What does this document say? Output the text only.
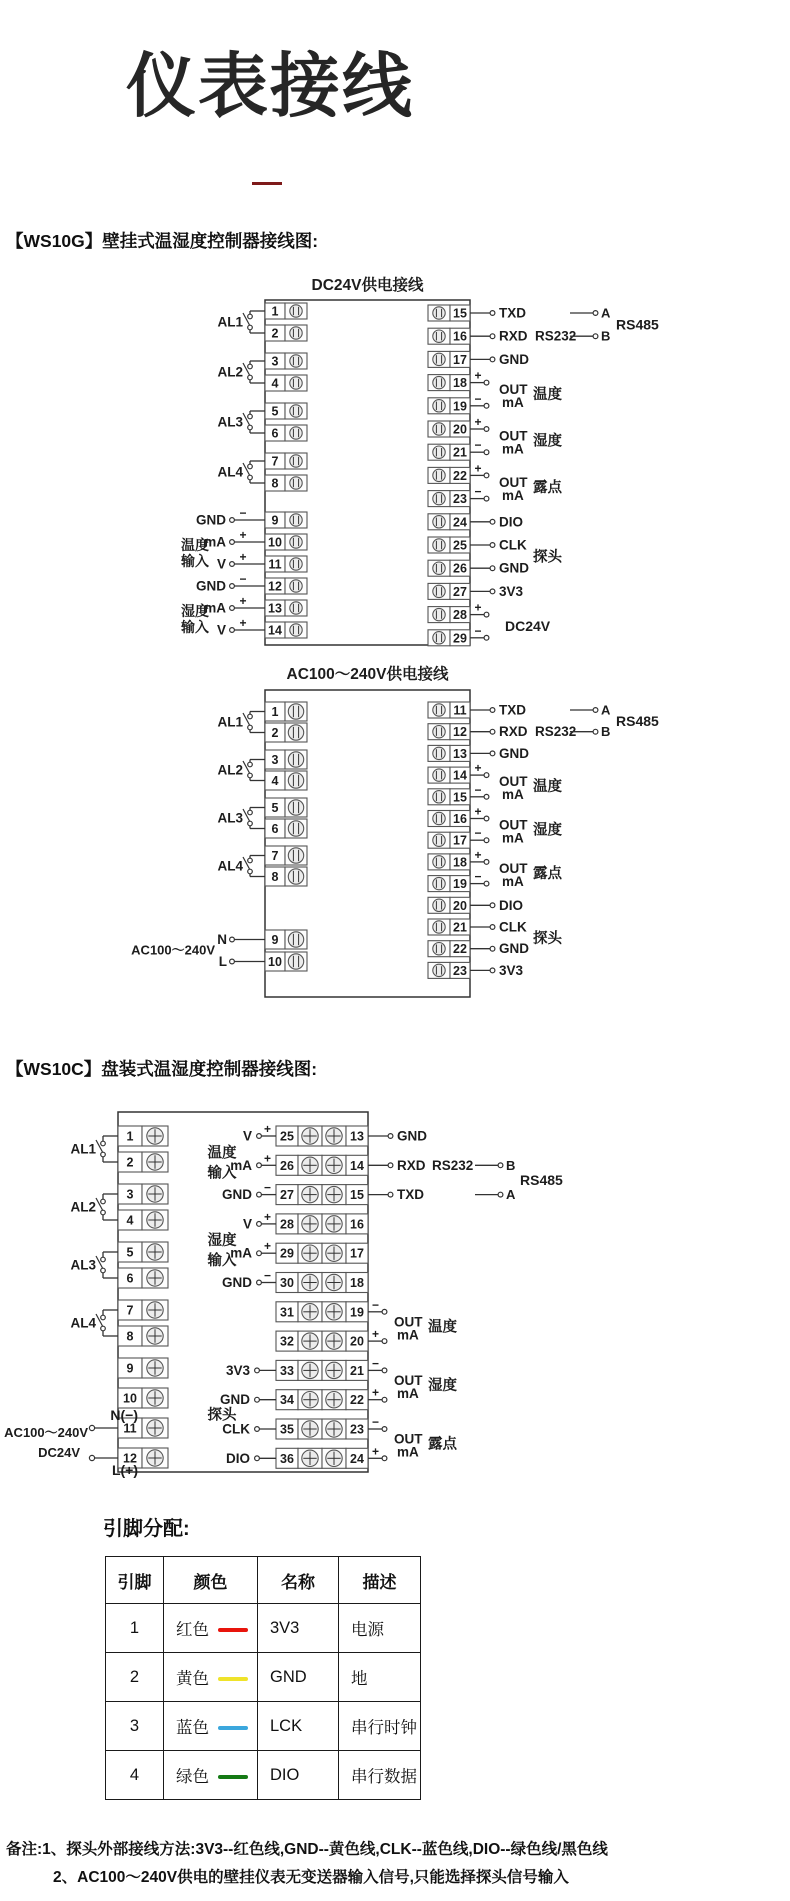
仪表接线
【WS10G】壁挂式温湿度控制器接线图:
DC24V供电接线
1
2
3
4
5
6
7
8
9
10
11
12
13
14
15
16
17
18
19
20
21
22
23
24
25
26
27
28
29
AL1
AL2
AL3
AL4
GND −
mA +
V +
温度
输入
GND −
mA +
V +
湿度
输入
TXD
RXD
GND
DIO
CLK
GND
3V3
+
−
+
−
+
−
+
−
OUT
mA 温度
OUT
mA 湿度
OUT
mA 露点
RS232
A
B
RS485
探头
DC24V
AC100～240V供电接线
1
2
3
4
5
6
7
8
9
10
11
12
13
14
15
16
17
18
19
20
21
22
23
AL1
AL2
AL3
AL4
N
L
AC100～240V
TXD
RXD
GND
DIO
CLK
GND
3V3
+
−
+
−
+
−
OUT
mA 温度
OUT
mA 湿度
OUT
mA 露点
RS232
A
B
RS485
探头
【WS10C】盘装式温湿度控制器接线图:
1
2
3
4
5
6
7
8
9
10
11
12
25	13
26	14
27	15
28	16
29	17
30	18
31	19
32	20
33	21
34	22
35	23
36	24
AL1
AL2
AL3
AL4
N(−)
L(+)
AC100～240V
DC24V
V +
mA +
GND −
温度
输入
V +
mA +
GND −
湿度
输入
3V3
GND
CLK
DIO
探头
GND
RXD
TXD
RS232	B
A
RS485
−
+
−
+
−
+
OUT
mA 温度
OUT
mA 湿度
OUT
mA 露点
引脚分配:
引脚	颜色	名称	描述
1	红色	3V3	电源
2	黄色	GND	地
3	蓝色	LCK	串行时钟
4	绿色	DIO	串行数据
备注:1、探头外部接线方法:3V3--红色线,GND--黄色线,CLK--蓝色线,DIO--绿色线/黑色线
2、AC100～240V供电的壁挂仪表无变送器输入信号,只能选择探头信号输入
